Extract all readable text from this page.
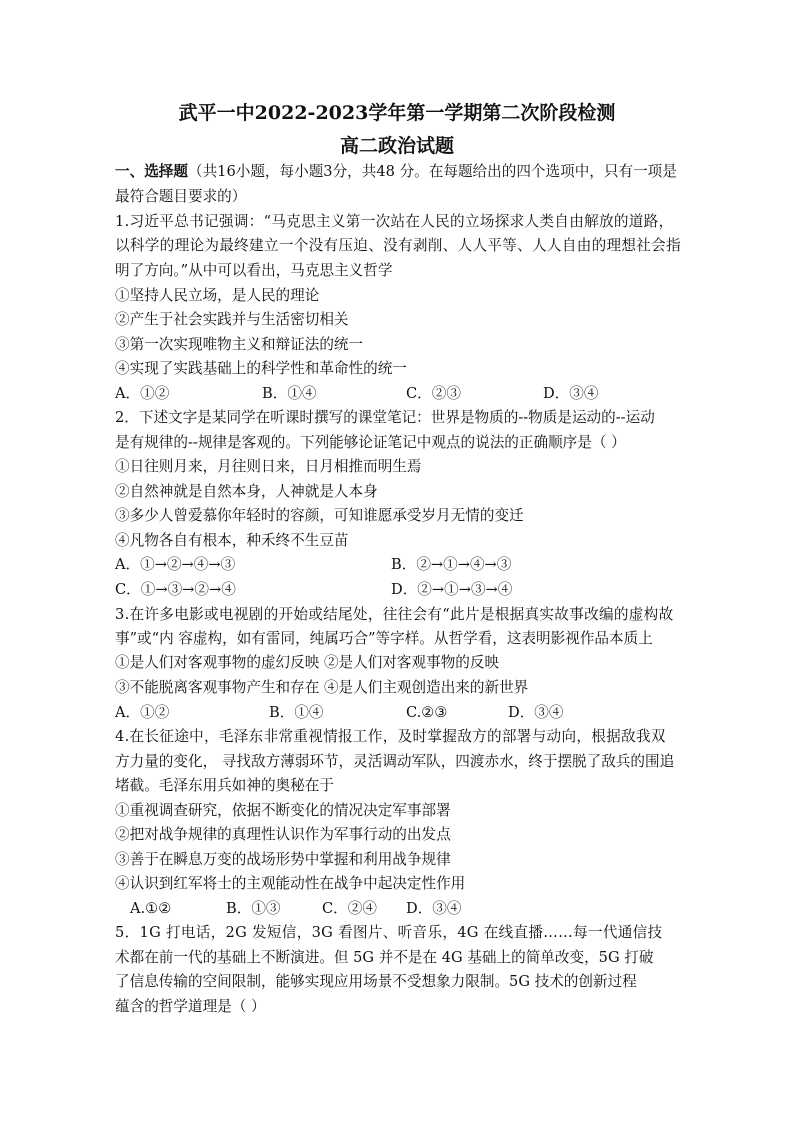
武平一中2022-2023学年第一学期第二次阶段检测
高二政治试题
一、选择题（共16小题，每小题3分，共48 分。在每题给出的四个选项中，只有一项是
最符合题目要求的）
1.习近平总书记强调：“马克思主义第一次站在人民的立场探求人类自由解放的道路，
以科学的理论为最终建立一个没有压迫、没有剥削、人人平等、人人自由的理想社会指
明了方向。”从中可以看出，马克思主义哲学
①坚持人民立场，是人民的理论
②产生于社会实践并与生活密切相关
③第一次实现唯物主义和辩证法的统一
④实现了实践基础上的科学性和革命性的统一
A．①②	B．①④	C．②③	D．③④
2．下述文字是某同学在听课时撰写的课堂笔记：世界是物质的--物质是运动的--运动
是有规律的--规律是客观的。下列能够论证笔记中观点的说法的正确顺序是（ ）
①日往则月来，月往则日来，日月相推而明生焉
②自然神就是自然本身，人神就是人本身
③多少人曾爱慕你年轻时的容颜，可知谁愿承受岁月无情的变迁
④凡物各自有根本，种禾终不生豆苗
A．①→②→④→③	B．②→①→④→③
C．①→③→②→④	D．②→①→③→④
3.在许多电影或电视剧的开始或结尾处，往往会有“此片是根据真实故事改编的虚构故
事”或“内 容虚构，如有雷同，纯属巧合”等字样。从哲学看，这表明影视作品本质上
①是人们对客观事物的虚幻反映 ②是人们对客观事物的反映
③不能脱离客观事物产生和存在 ④是人们主观创造出来的新世界
A．①②	B．①④	C.②③	D．③④
4.在长征途中，毛泽东非常重视情报工作，及时掌握敌方的部署与动向，根据敌我双
方力量的变化， 寻找敌方薄弱环节，灵活调动军队，四渡赤水，终于摆脱了敌兵的围追
堵截。毛泽东用兵如神的奥秘在于
①重视调查研究，依据不断变化的情况决定军事部署
②把对战争规律的真理性认识作为军事行动的出发点
③善于在瞬息万变的战场形势中掌握和利用战争规律
④认识到红军将士的主观能动性在战争中起决定性作用
A.①②	B．①③	C．②④ D．③④
5．1G 打电话，2G 发短信，3G 看图片、听音乐，4G 在线直播……每一代通信技
术都在前一代的基础上不断演进。但 5G 并不是在 4G 基础上的简单改变，5G 打破
了信息传输的空间限制，能够实现应用场景不受想象力限制。5G 技术的创新过程
蕴含的哲学道理是（ ）
